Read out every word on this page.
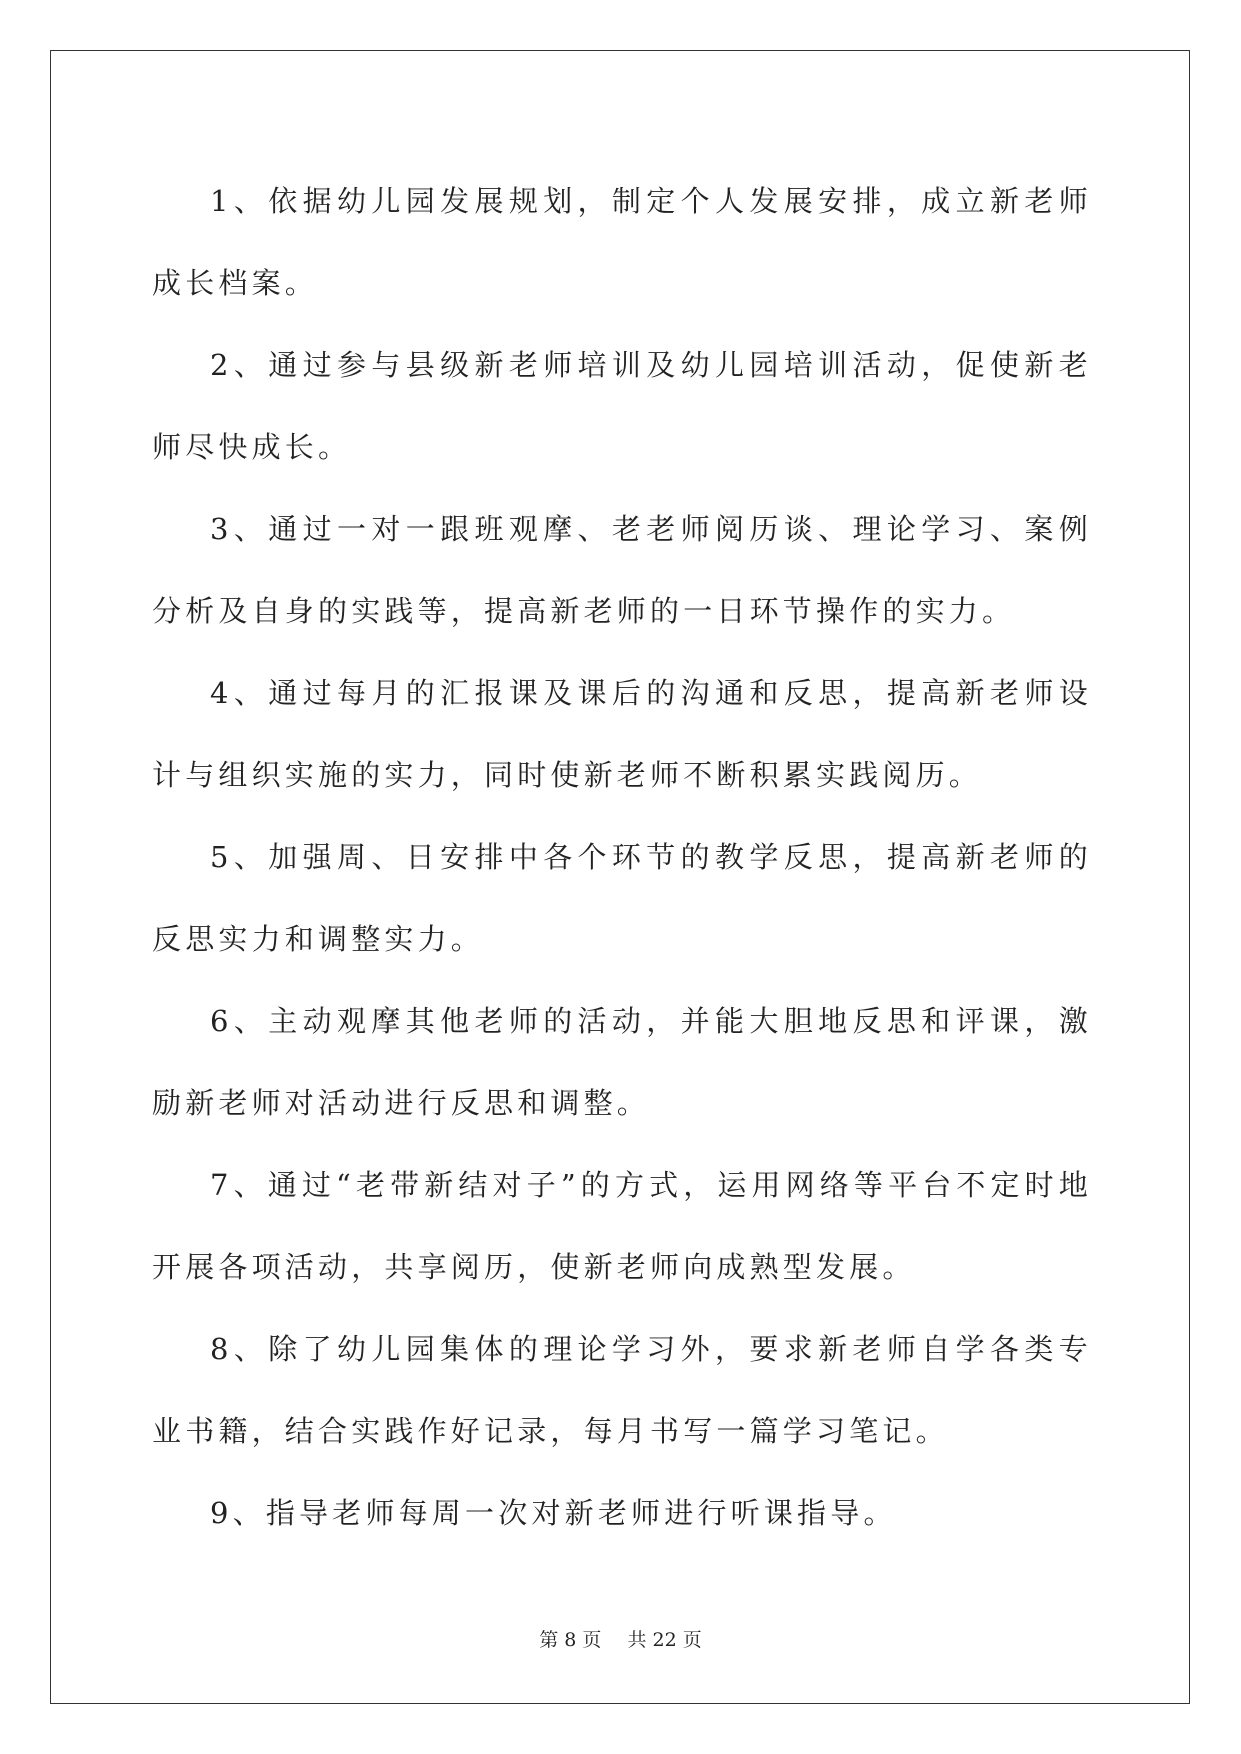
1、依据幼儿园发展规划，制定个人发展安排，成立新老师成长档案。

2、通过参与县级新老师培训及幼儿园培训活动，促使新老师尽快成长。

3、通过一对一跟班观摩、老老师阅历谈、理论学习、案例分析及自身的实践等，提高新老师的一日环节操作的实力。

4、通过每月的汇报课及课后的沟通和反思，提高新老师设计与组织实施的实力，同时使新老师不断积累实践阅历。

5、加强周、日安排中各个环节的教学反思，提高新老师的反思实力和调整实力。

6、主动观摩其他老师的活动，并能大胆地反思和评课，激励新老师对活动进行反思和调整。

7、通过“老带新结对子”的方式，运用网络等平台不定时地开展各项活动，共享阅历，使新老师向成熟型发展。

8、除了幼儿园集体的理论学习外，要求新老师自学各类专业书籍，结合实践作好记录，每月书写一篇学习笔记。

9、指导老师每周一次对新老师进行听课指导。

第 8 页 共 22 页
